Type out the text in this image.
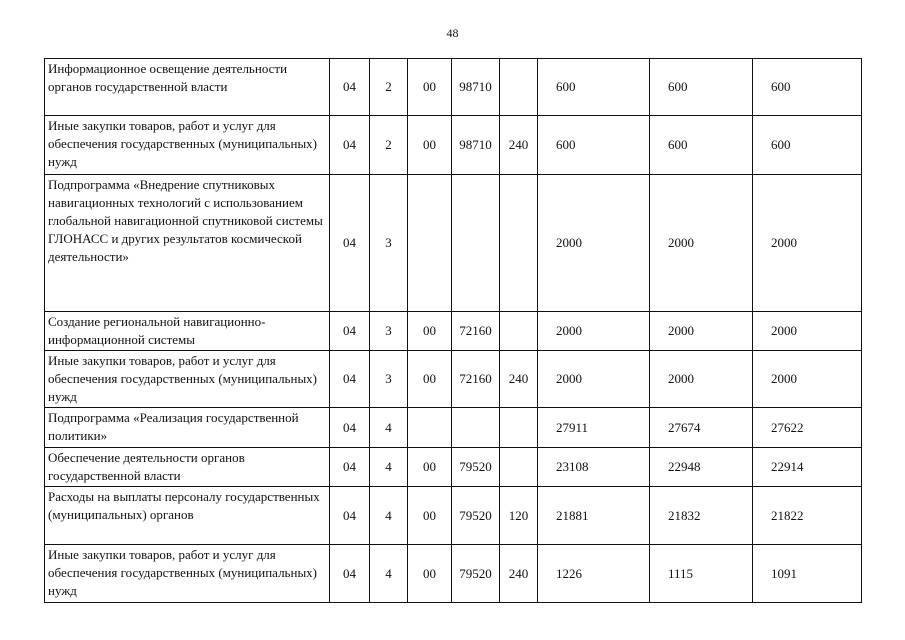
48
Информационное освещение деятельности органов государственной власти	04	2	00	98710		600	600	600
Иные закупки товаров, работ и услуг для обеспечения государственных (муниципальных) нужд	04	2	00	98710	240	600	600	600
Подпрограмма «Внедрение спутниковых навигационных технологий с использованием глобальной навигационной спутниковой системы ГЛОНАСС и других результатов космической деятельности»	04	3				2000	2000	2000
Создание региональной навигационно-информационной системы	04	3	00	72160		2000	2000	2000
Иные закупки товаров, работ и услуг для обеспечения государственных (муниципальных) нужд	04	3	00	72160	240	2000	2000	2000
Подпрограмма «Реализация государственной политики»	04	4				27911	27674	27622
Обеспечение деятельности органов государственной власти	04	4	00	79520		23108	22948	22914
Расходы на выплаты персоналу государственных (муниципальных) органов	04	4	00	79520	120	21881	21832	21822
Иные закупки товаров, работ и услуг для обеспечения государственных (муниципальных) нужд	04	4	00	79520	240	1226	1115	1091
